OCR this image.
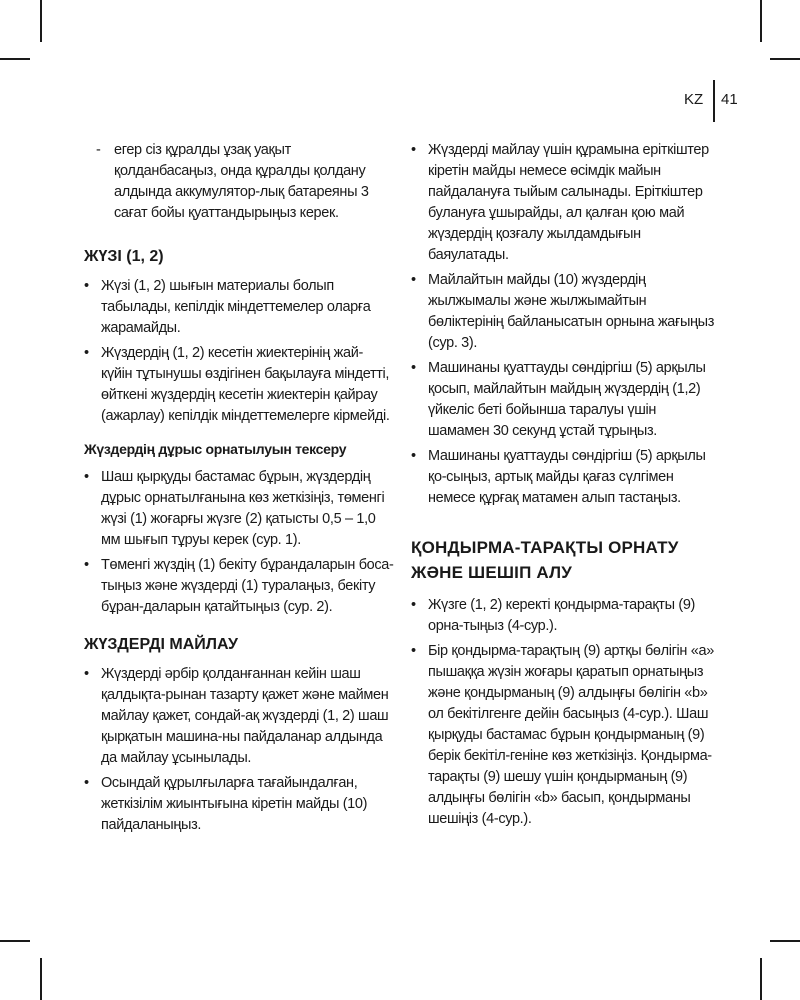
KZ 41
- егер сіз құралды ұзақ уақыт қолданбасаңыз, онда құралды қолдану алдында аккумулятор-лық батареяны 3 сағат бойы қуаттандырыңыз керек.
ЖҮЗІ (1, 2)
• Жүзі (1, 2) шығын материалы болып табылады, кепілдік міндеттемелер оларға жарамайды.
• Жүздердің (1, 2) кесетін жиектерінің жай-күйін тұтынушы өздігінен бақылауға міндетті, өйткені жүздердің кесетін жиектерін қайрау (ажарлау) кепілдік міндеттемелерге кірмейді.
Жүздердің дұрыс орнатылуын тексеру
• Шаш қырқуды бастамас бұрын, жүздердің дұрыс орнатылғанына көз жеткізіңіз, төменгі жүзі (1) жоғарғы жүзге (2) қатысты 0,5 – 1,0 мм шығып тұруы керек (сур. 1).
• Төменгі жүздің (1) бекіту бұрандаларын боса-тыңыз және жүздерді (1) туралаңыз, бекіту бұран-даларын қатайтыңыз (сур. 2).
ЖҮЗДЕРДІ МАЙЛАУ
• Жүздерді әрбір қолданғаннан кейін шаш қалдықта-рынан тазарту қажет және маймен майлау қажет, сондай-ақ жүздерді (1, 2) шаш қырқатын машина-ны пайдаланар алдында да майлау ұсынылады.
• Осындай құрылғыларға тағайындалған, жеткізілім жиынтығына кіретін майды (10) пайдаланыңыз.
• Жүздерді майлау үшін құрамына еріткіштер кіретін майды немесе өсімдік майын пайдалануға тыйым салынады. Еріткіштер булануға ұшырайды, ал қалған қою май жүздердің қозғалу жылдамдығын баяулатады.
• Майлайтын майды (10) жүздердің жылжымалы және жылжымайтын бөліктерінің байланысатын орнына жағыңыз (сур. 3).
• Машинаны қуаттауды сөндіргіш (5) арқылы қосып, майлайтын майдың жүздердің (1,2) үйкеліс беті бойынша таралуы үшін шамамен 30 секунд ұстай тұрыңыз.
• Машинаны қуаттауды сөндіргіш (5) арқылы қо-сыңыз, артық майды қағаз сүлгімен немесе құрғақ матамен алып тастаңыз.
ҚОНДЫРМА-ТАРАҚТЫ ОРНАТУ ЖӘНЕ ШЕШІП АЛУ
• Жүзге (1, 2) керекті қондырма-тарақты (9) орна-тыңыз (4-сур.).
• Бір қондырма-тарақтың (9) артқы бөлігін «a» пышаққа жүзін жоғары қаратып орнатыңыз және қондырманың (9) алдыңғы бөлігін «b» ол бекітілгенге дейін басыңыз (4-сур.). Шаш қырқуды бастамас бұрын қондырманың (9) берік бекітіл-геніне көз жеткізіңіз. Қондырма-тарақты (9) шешу үшін қондырманың (9) алдыңғы бөлігін «b» басып, қондырманы шешіңіз (4-сур.).
